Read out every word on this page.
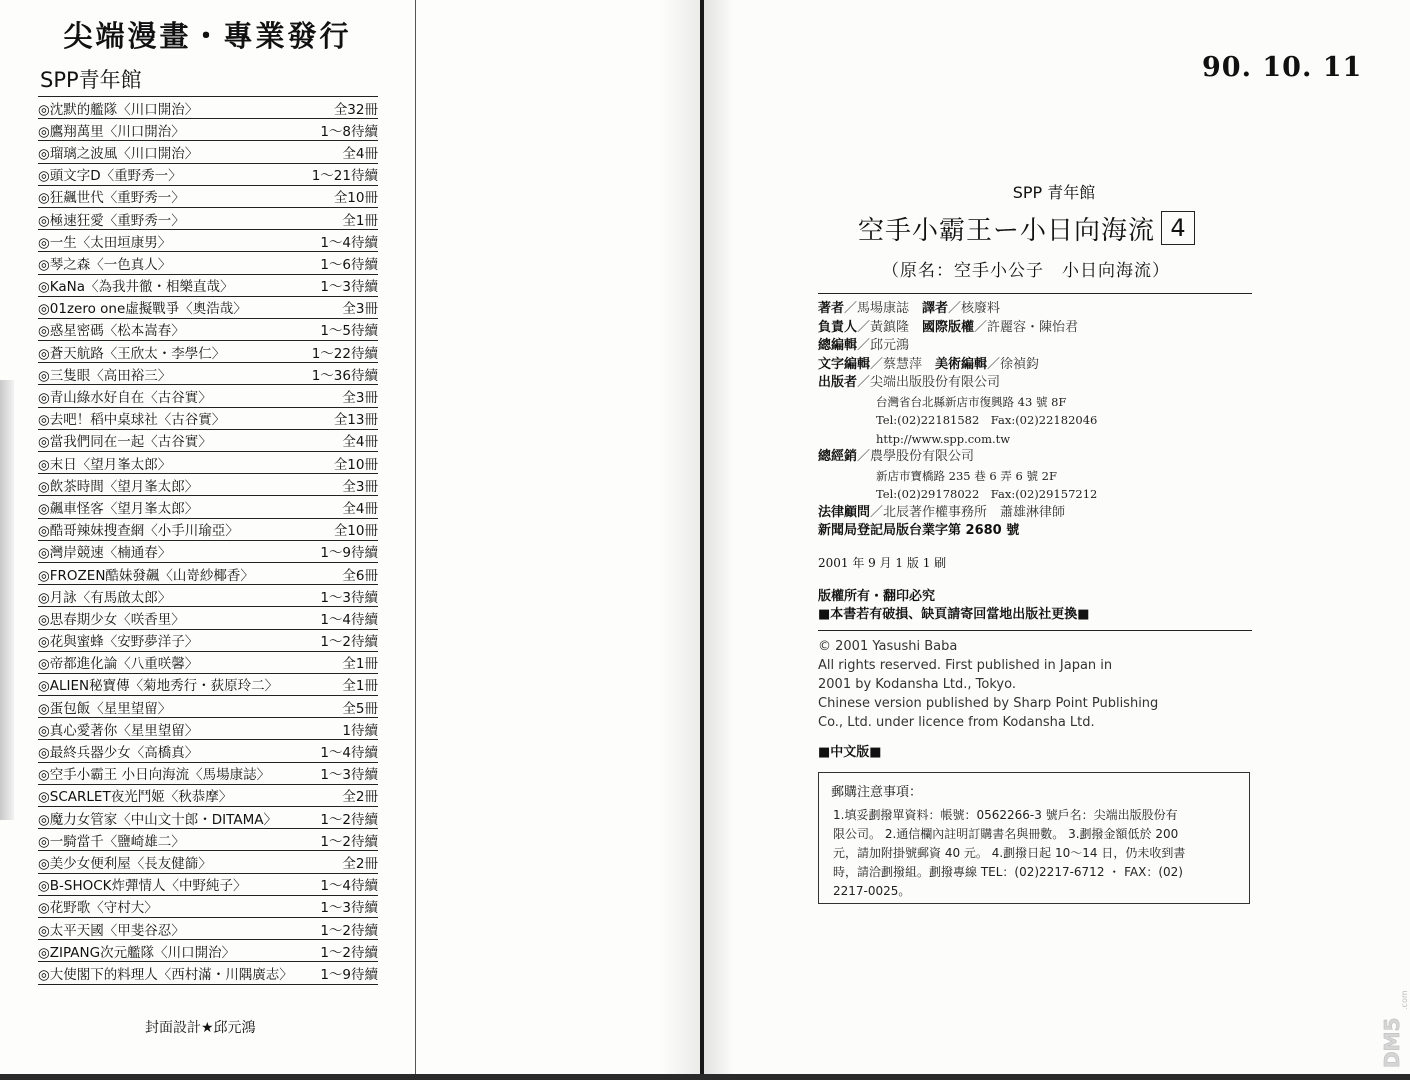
尖端漫畫・專業發行
SPP青年館
◎沈默的艦隊〈川口開治〉	全32冊
◎鷹翔萬里〈川口開治〉	1～8待續
◎瑠璃之波風〈川口開治〉	全4冊
◎頭文字D〈重野秀一〉	1～21待續
◎狂飆世代〈重野秀一〉	全10冊
◎極速狂愛〈重野秀一〉	全1冊
◎一生〈太田垣康男〉	1～4待續
◎琴之森〈一色真人〉	1～6待續
◎KaNa〈為我井徹・相樂直哉〉	1～3待續
◎01zero one虛擬戰爭〈奧浩哉〉	全3冊
◎惑星密碼〈松本嵩春〉	1～5待續
◎蒼天航路〈王欣太・李學仁〉	1～22待續
◎三隻眼〈高田裕三〉	1～36待續
◎青山綠水好自在〈古谷實〉	全3冊
◎去吧！稻中桌球社〈古谷實〉	全13冊
◎當我們同在一起〈古谷實〉	全4冊
◎末日〈望月峯太郎〉	全10冊
◎飲茶時間〈望月峯太郎〉	全3冊
◎飆車怪客〈望月峯太郎〉	全4冊
◎酷哥辣妹搜查網〈小手川瑜亞〉	全10冊
◎灣岸競速〈楠通春〉	1～9待續
◎FROZEN酷妹發飆〈山嵜紗椰香〉	全6冊
◎月詠〈有馬啟太郎〉	1～3待續
◎思春期少女〈咲香里〉	1～4待續
◎花與蜜蜂〈安野夢洋子〉	1～2待續
◎帝都進化論〈八重咲馨〉	全1冊
◎ALIEN秘寶傳〈菊地秀行・荻原玲二〉	全1冊
◎蛋包飯〈星里望留〉	全5冊
◎真心愛著你〈星里望留〉	1待續
◎最終兵器少女〈高橋真〉	1～4待續
◎空手小霸王 小日向海流〈馬場康誌〉	1～3待續
◎SCARLET夜光鬥姬〈秋恭摩〉	全2冊
◎魔力女管家〈中山文十郎・DITAMA〉	1～2待續
◎一騎當千〈鹽崎雄二〉	1～2待續
◎美少女便利屋〈長友健篩〉	全2冊
◎B-SHOCK炸彈情人〈中野純子〉	1～4待續
◎花野歌〈守村大〉	1～3待續
◎太平天國〈甲斐谷忍〉	1～2待續
◎ZIPANG次元艦隊〈川口開治〉	1～2待續
◎大使閣下的料理人〈西村滿・川隅廣志〉 1～9待續
封面設計★邱元鴻
90. 10. 11
SPP 青年館
空手小霸王ー小日向海流 4
（原名：空手小公子　小日向海流）
著者／馬場康誌　譯者／核廢料
負責人／黃鎮隆　國際版權／許麗容・陳怡君
總編輯／邱元鴻
文字編輯／蔡慧萍　美術編輯／徐禎鈞
出版者／尖端出版股份有限公司
台灣省台北縣新店市復興路 43 號 8F
Tel:(02)22181582　Fax:(02)22182046
http://www.spp.com.tw
總經銷／農學股份有限公司
新店市寶橋路 235 巷 6 弄 6 號 2F
Tel:(02)29178022　Fax:(02)29157212
法律顧問／北辰著作權事務所　蕭雄淋律師
新聞局登記局版台業字第 2680 號
2001 年 9 月 1 版 1 刷
版權所有・翻印必究
■本書若有破損、缺頁請寄回當地出版社更換■
© 2001 Yasushi Baba
All rights reserved. First published in Japan in
2001 by Kodansha Ltd., Tokyo.
Chinese version published by Sharp Point Publishing
Co., Ltd. under licence from Kodansha Ltd.
■中文版■
郵購注意事項：
1.填妥劃撥單資料：帳號：0562266-3 號戶名：尖端出版股份有
限公司。 2.通信欄內註明訂購書名與冊數。 3.劃撥金額低於 200
元，請加附掛號郵資 40 元。 4.劃撥日起 10～14 日，仍未收到書
時，請洽劃撥組。劃撥專線 TEL：(02)2217-6712 ・ FAX：(02)
2217-0025。
DM5
.com
